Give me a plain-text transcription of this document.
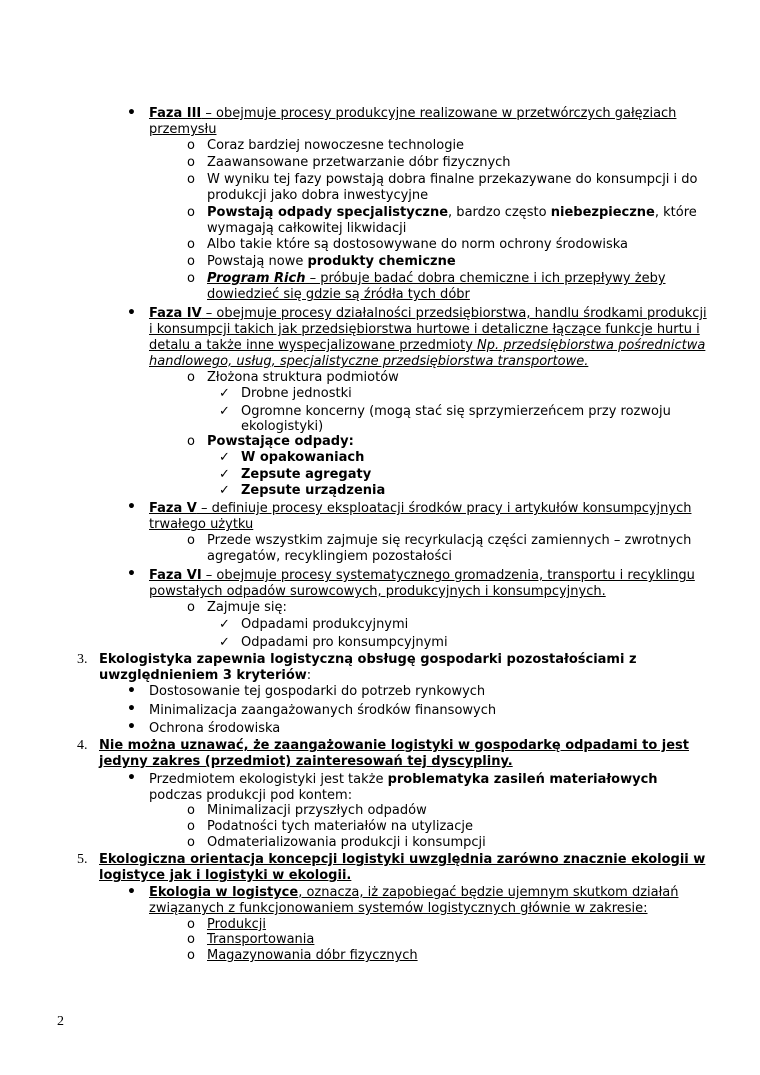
• Faza III – obejmuje procesy produkcyjne realizowane w przetwórczych gałęziach
przemysłu
o Coraz bardziej nowoczesne technologie
o Zaawansowane przetwarzanie dóbr fizycznych
o W wyniku tej fazy powstają dobra finalne przekazywane do konsumpcji i do
produkcji jako dobra inwestycyjne
o Powstają odpady specjalistyczne, bardzo często niebezpieczne, które
wymagają całkowitej likwidacji
o Albo takie które są dostosowywane do norm ochrony środowiska
o Powstają nowe produkty chemiczne
o Program Rich – próbuje badać dobra chemiczne i ich przepływy żeby
dowiedzieć się gdzie są źródła tych dóbr
• Faza IV – obejmuje procesy działalności przedsiębiorstwa, handlu środkami produkcji
i konsumpcji takich jak przedsiębiorstwa hurtowe i detaliczne łączące funkcje hurtu i
detalu a także inne wyspecjalizowane przedmioty Np. przedsiębiorstwa pośrednictwa
handlowego, usług, specjalistyczne przedsiębiorstwa transportowe.
o Złożona struktura podmiotów
✓ Drobne jednostki
✓ Ogromne koncerny (mogą stać się sprzymierzeńcem przy rozwoju
ekologistyki)
o Powstające odpady:
✓ W opakowaniach
✓ Zepsute agregaty
✓ Zepsute urządzenia
• Faza V – definiuje procesy eksploatacji środków pracy i artykułów konsumpcyjnych
trwałego użytku
o Przede wszystkim zajmuje się recyrkulacją części zamiennych – zwrotnych
agregatów, recyklingiem pozostałości
• Faza VI – obejmuje procesy systematycznego gromadzenia, transportu i recyklingu
powstałych odpadów surowcowych, produkcyjnych i konsumpcyjnych.
o Zajmuje się:
✓ Odpadami produkcyjnymi
✓ Odpadami pro konsumpcyjnymi
3. Ekologistyka zapewnia logistyczną obsługę gospodarki pozostałościami z
uwzględnieniem 3 kryteriów:
• Dostosowanie tej gospodarki do potrzeb rynkowych
• Minimalizacja zaangażowanych środków finansowych
• Ochrona środowiska
4. Nie można uznawać, że zaangażowanie logistyki w gospodarkę odpadami to jest
jedyny zakres (przedmiot) zainteresowań tej dyscypliny.
• Przedmiotem ekologistyki jest także problematyka zasileń materiałowych
podczas produkcji pod kontem:
o Minimalizacji przyszłych odpadów
o Podatności tych materiałów na utylizacje
o Odmaterializowania produkcji i konsumpcji
5. Ekologiczna orientacja koncepcji logistyki uwzględnia zarówno znacznie ekologii w
logistyce jak i logistyki w ekologii.
• Ekologia w logistyce, oznacza, iż zapobiegać będzie ujemnym skutkom działań
związanych z funkcjonowaniem systemów logistycznych głównie w zakresie:
o Produkcji
o Transportowania
o Magazynowania dóbr fizycznych
2
